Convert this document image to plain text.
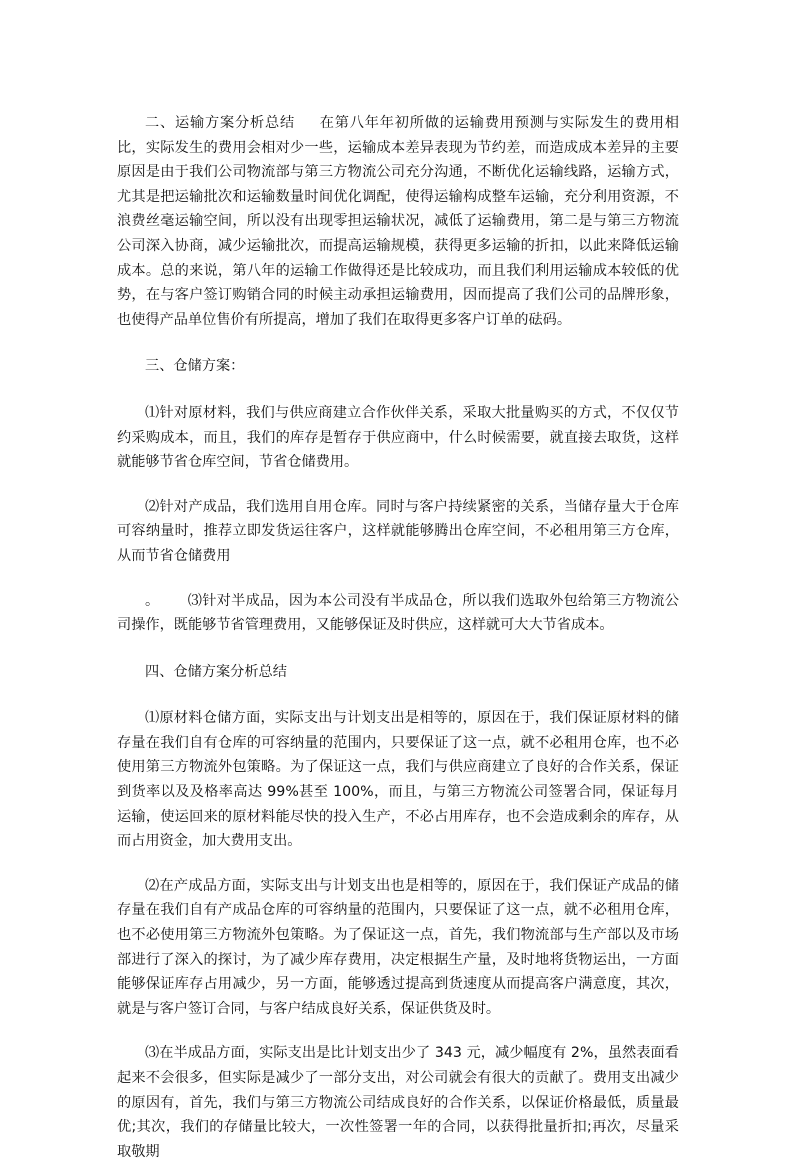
二、运输方案分析总结 在第八年年初所做的运输费用预测与实际发生的费用相比，实际发生的费用会相对少一些，运输成本差异表现为节约差，而造成成本差异的主要原因是由于我们公司物流部与第三方物流公司充分沟通，不断优化运输线路，运输方式，尤其是把运输批次和运输数量时间优化调配，使得运输构成整车运输，充分利用资源，不浪费丝毫运输空间，所以没有出现零担运输状况，减低了运输费用，第二是与第三方物流公司深入协商，减少运输批次，而提高运输规模，获得更多运输的折扣，以此来降低运输成本。总的来说，第八年的运输工作做得还是比较成功，而且我们利用运输成本较低的优势，在与客户签订购销合同的时候主动承担运输费用，因而提高了我们公司的品牌形象，也使得产品单位售价有所提高，增加了我们在取得更多客户订单的砝码。

三、仓储方案：

⑴针对原材料，我们与供应商建立合作伙伴关系，采取大批量购买的方式，不仅仅节约采购成本，而且，我们的库存是暂存于供应商中，什么时候需要，就直接去取货，这样就能够节省仓库空间，节省仓储费用。

⑵针对产成品，我们选用自用仓库。同时与客户持续紧密的关系，当储存量大于仓库可容纳量时，推荐立即发货运往客户，这样就能够腾出仓库空间，不必租用第三方仓库，从而节省仓储费用

。 ⑶针对半成品，因为本公司没有半成品仓，所以我们选取外包给第三方物流公司操作，既能够节省管理费用，又能够保证及时供应，这样就可大大节省成本。

四、仓储方案分析总结

⑴原材料仓储方面，实际支出与计划支出是相等的，原因在于，我们保证原材料的储存量在我们自有仓库的可容纳量的范围内，只要保证了这一点，就不必租用仓库，也不必使用第三方物流外包策略。为了保证这一点，我们与供应商建立了良好的合作关系，保证到货率以及及格率高达 99%甚至 100%，而且，与第三方物流公司签署合同，保证每月运输，使运回来的原材料能尽快的投入生产，不必占用库存，也不会造成剩余的库存，从而占用资金，加大费用支出。

⑵在产成品方面，实际支出与计划支出也是相等的，原因在于，我们保证产成品的储存量在我们自有产成品仓库的可容纳量的范围内，只要保证了这一点，就不必租用仓库，也不必使用第三方物流外包策略。为了保证这一点，首先，我们物流部与生产部以及市场部进行了深入的探讨，为了减少库存费用，决定根据生产量，及时地将货物运出，一方面能够保证库存占用减少，另一方面，能够透过提高到货速度从而提高客户满意度，其次，就是与客户签订合同，与客户结成良好关系，保证供货及时。

⑶在半成品方面，实际支出是比计划支出少了 343 元，减少幅度有 2%，虽然表面看起来不会很多，但实际是减少了一部分支出，对公司就会有很大的贡献了。费用支出减少的原因有，首先，我们与第三方物流公司结成良好的合作关系，以保证价格最低，质量最优;其次，我们的存储量比较大，一次性签署一年的合同，以获得批量折扣;再次，尽量采取敬期
